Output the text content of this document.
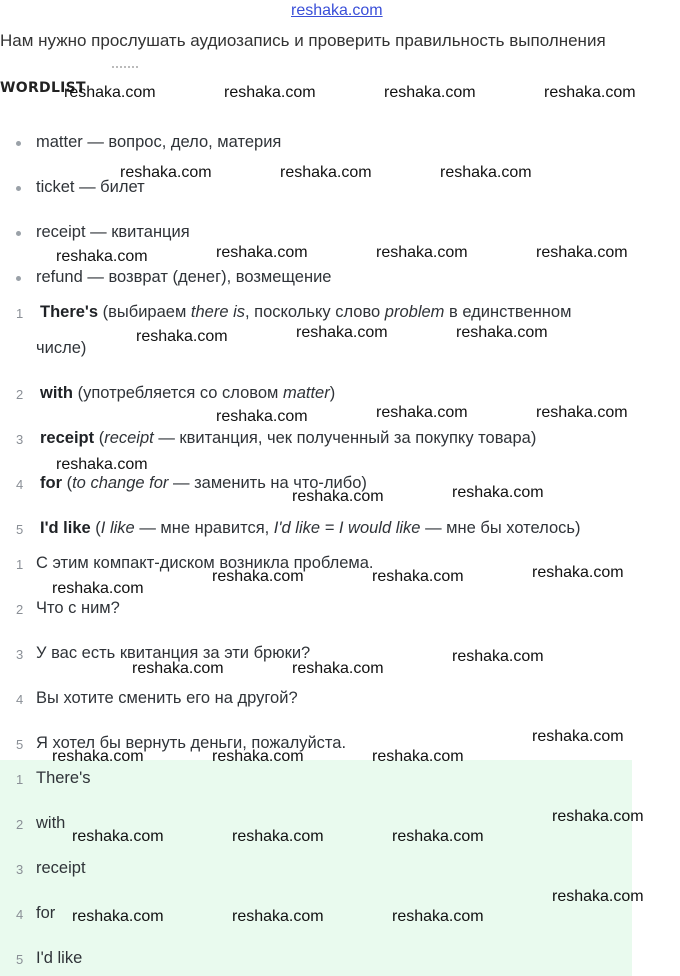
reshaka.com
Нам нужно прослушать аудиозапись и проверить правильность выполнения
WORDLIST
matter — вопрос, дело, материя
ticket — билет
receipt — квитанция
refund — возврат (денег), возмещение
1 There's (выбираем there is, поскольку слово problem в единственном
числе)
2 with (употребляется со словом matter)
3 receipt (receipt — квитанция, чек полученный за покупку товара)
4 for (to change for — заменить на что-либо)
5 I'd like (I like — мне нравится, I'd like = I would like — мне бы хотелось)
1 С этим компакт-диском возникла проблема.
2 Что с ним?
3 У вас есть квитанция за эти брюки?
4 Вы хотите сменить его на другой?
5 Я хотел бы вернуть деньги, пожалуйста.
1 There's
2 with
3 receipt
4 for
5 I'd like
reshaka.com	reshaka.com	reshaka.com	reshaka.com
reshaka.com	reshaka.com	reshaka.com
reshaka.com	reshaka.com	reshaka.com	reshaka.com
reshaka.com	reshaka.com	reshaka.com
reshaka.com	reshaka.com	reshaka.com
reshaka.com
reshaka.com	reshaka.com
reshaka.com
reshaka.com	reshaka.com	reshaka.com
reshaka.com	reshaka.com
reshaka.com
reshaka.com
reshaka.com	reshaka.com	reshaka.com
reshaka.com
reshaka.com	reshaka.com	reshaka.com
reshaka.com
reshaka.com	reshaka.com	reshaka.com
